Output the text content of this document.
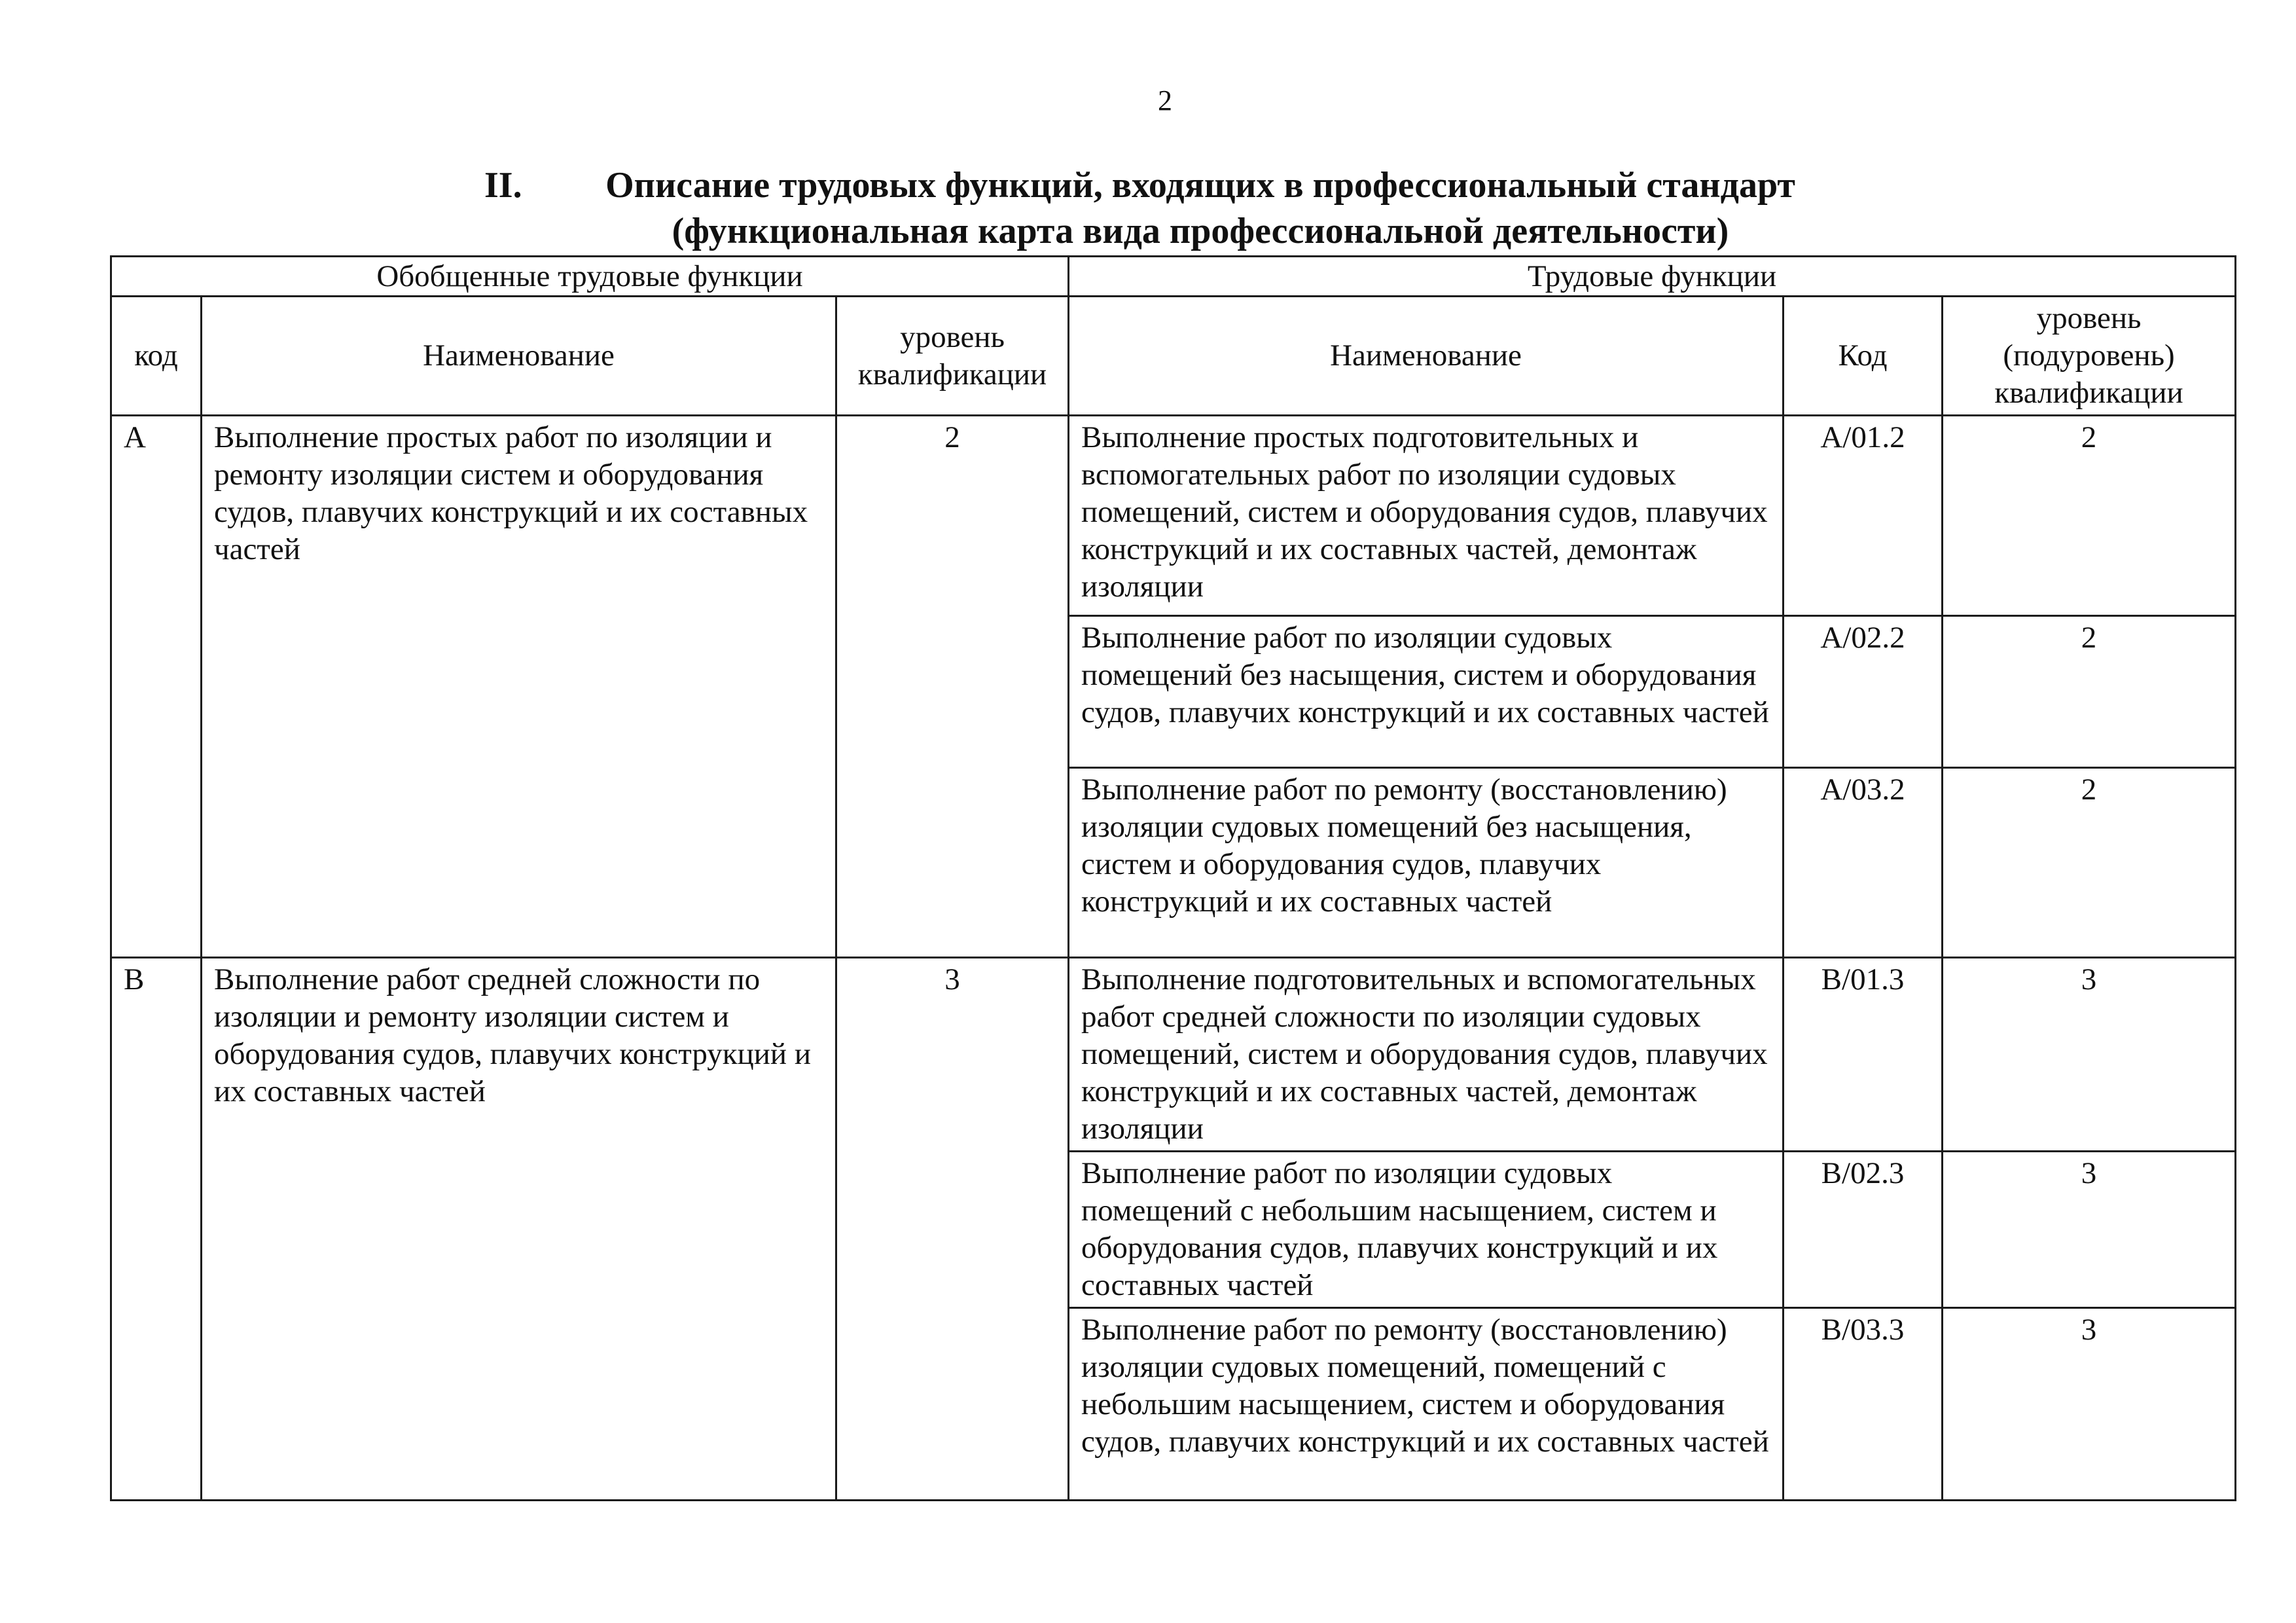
2
II.	Описание трудовых функций, входящих в профессиональный стандарт
(функциональная карта вида профессиональной деятельности)
Обобщенные трудовые функции			Трудовые функции		
код	Наименование	уровень квалификации	Наименование	Код	уровень (подуровень) квалификации
A	Выполнение простых работ по изоляции и ремонту изоляции систем и оборудования судов, плавучих конструкций и их составных частей	2	Выполнение простых подготовительных и вспомогательных работ по изоляции судовых помещений, систем и оборудования судов, плавучих конструкций и их составных частей, демонтаж изоляции	A/01.2	2
			Выполнение работ по изоляции судовых помещений без насыщения, систем и оборудования судов, плавучих конструкций и их составных частей	A/02.2	2
			Выполнение работ по ремонту (восстановлению) изоляции судовых помещений без насыщения, систем и оборудования судов, плавучих конструкций и их составных частей	A/03.2	2
B	Выполнение работ средней сложности по изоляции и ремонту изоляции систем и оборудования судов, плавучих конструкций и их составных частей	3	Выполнение подготовительных и вспомогательных работ средней сложности по изоляции судовых помещений, систем и оборудования судов, плавучих конструкций и их составных частей, демонтаж изоляции	B/01.3	3
			Выполнение работ по изоляции судовых помещений с небольшим насыщением, систем и оборудования судов, плавучих конструкций и их составных частей	B/02.3	3
			Выполнение работ по ремонту (восстановлению) изоляции судовых помещений, помещений с небольшим насыщением, систем и оборудования судов, плавучих конструкций и их составных частей	B/03.3	3
